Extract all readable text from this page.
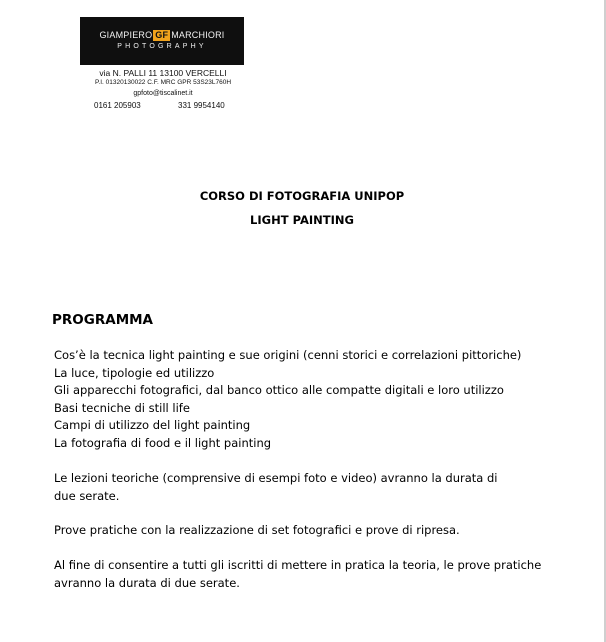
GIAMPIERO GF MARCHIORI
PHOTOGRAPHY
via N. PALLI 11 13100 VERCELLI
P.I. 01320130022 C.F. MRC GPR 53S23L760H
gpfoto@tiscalinet.it
0161 205903	331 9954140
CORSO DI FOTOGRAFIA UNIPOP
LIGHT PAINTING
PROGRAMMA
Cos’è la tecnica light painting e sue origini (cenni storici e correlazioni pittoriche)
La luce, tipologie ed utilizzo
Gli apparecchi fotografici, dal banco ottico alle compatte digitali e loro utilizzo
Basi tecniche di still life
Campi di utilizzo del light painting
La fotografia di food e il light painting
Le lezioni teoriche (comprensive di esempi foto e video) avranno la durata di
due serate.
Prove pratiche con la realizzazione di set fotografici e prove di ripresa.
Al fine di consentire a tutti gli iscritti di mettere in pratica la teoria, le prove pratiche
avranno la durata di due serate.
